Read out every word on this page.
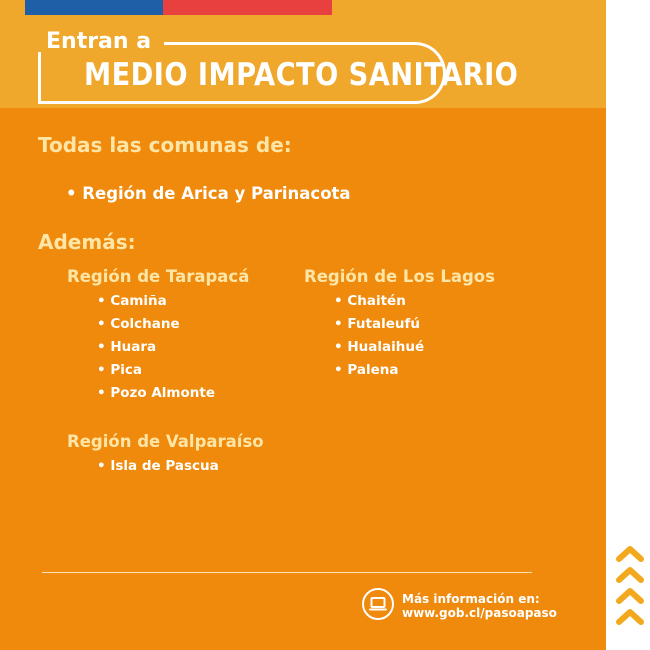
Entran a
MEDIO IMPACTO SANITARIO
Todas las comunas de:
• Región de Arica y Parinacota
Además:
Región de Tarapacá
• Camiña
• Colchane
• Huara
• Pica
• Pozo Almonte
Región de Los Lagos
• Chaitén
• Futaleufú
• Hualaihué
• Palena
Región de Valparaíso
• Isla de Pascua
Más información en:
www.gob.cl/pasoapaso
